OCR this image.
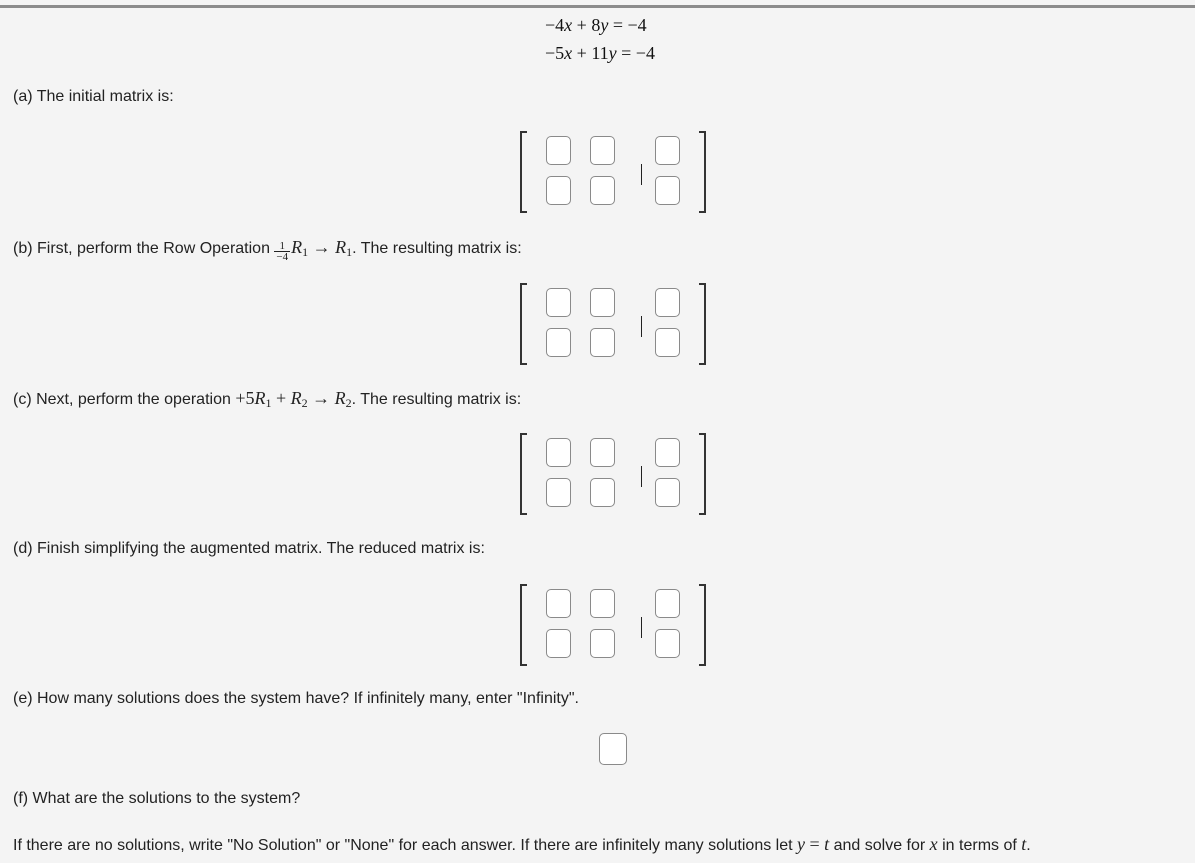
−4x + 8y = −4
−5x + 11y = −4
(a) The initial matrix is:
(b) First, perform the Row Operation $\frac{1}{-4} R_1 \to R_1$. The resulting matrix is:
(c) Next, perform the operation $+5R_1 + R_2 \to R_2$. The resulting matrix is:
(d) Finish simplifying the augmented matrix. The reduced matrix is:
(e) How many solutions does the system have? If infinitely many, enter "Infinity".
(f) What are the solutions to the system?
If there are no solutions, write "No Solution" or "None" for each answer. If there are infinitely many solutions let y = t and solve for x in terms of t.
